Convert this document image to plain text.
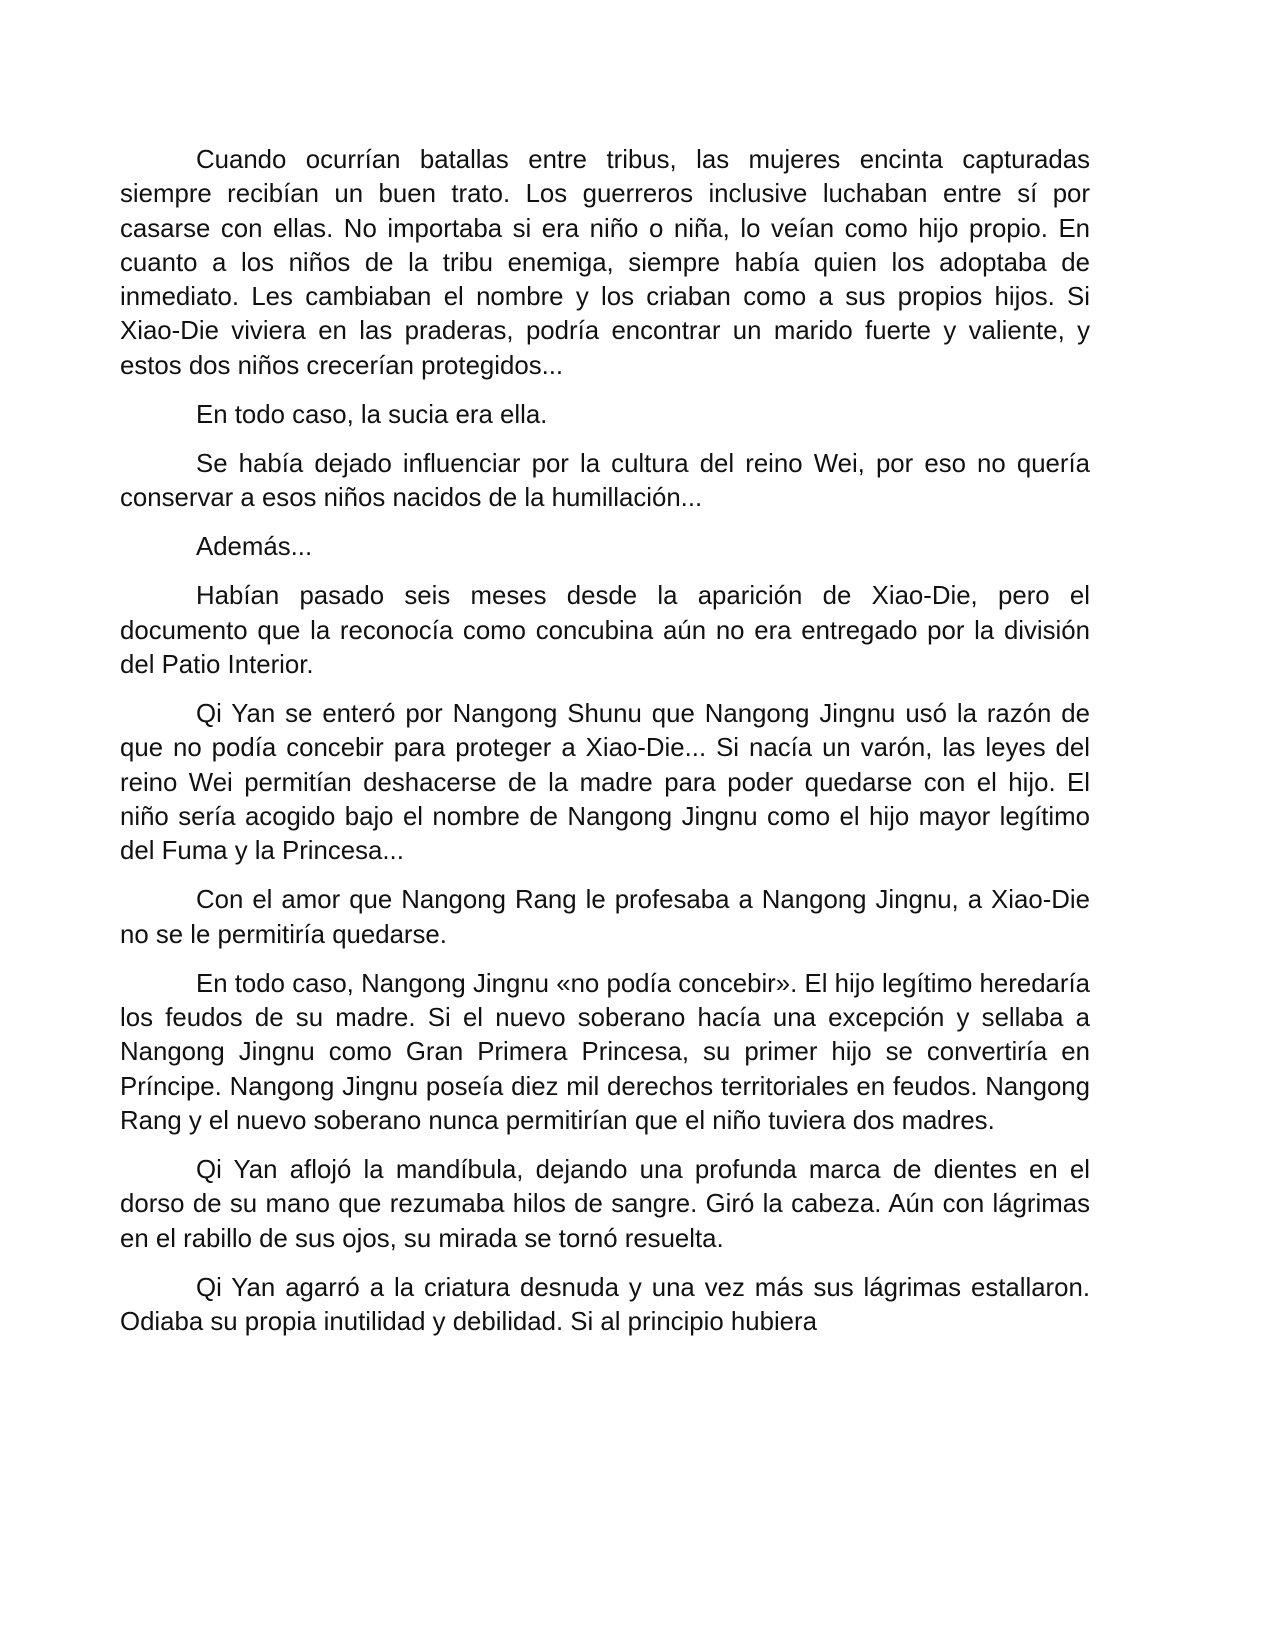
Cuando ocurrían batallas entre tribus, las mujeres encinta capturadas siempre recibían un buen trato. Los guerreros inclusive luchaban entre sí por casarse con ellas. No importaba si era niño o niña, lo veían como hijo propio. En cuanto a los niños de la tribu enemiga, siempre había quien los adoptaba de inmediato. Les cambiaban el nombre y los criaban como a sus propios hijos. Si Xiao-Die viviera en las praderas, podría encontrar un marido fuerte y valiente, y estos dos niños crecerían protegidos...

En todo caso, la sucia era ella.

Se había dejado influenciar por la cultura del reino Wei, por eso no quería conservar a esos niños nacidos de la humillación...

Además...

Habían pasado seis meses desde la aparición de Xiao-Die, pero el documento que la reconocía como concubina aún no era entregado por la división del Patio Interior.

Qi Yan se enteró por Nangong Shunu que Nangong Jingnu usó la razón de que no podía concebir para proteger a Xiao-Die... Si nacía un varón, las leyes del reino Wei permitían deshacerse de la madre para poder quedarse con el hijo. El niño sería acogido bajo el nombre de Nangong Jingnu como el hijo mayor legítimo del Fuma y la Princesa...

Con el amor que Nangong Rang le profesaba a Nangong Jingnu, a Xiao-Die no se le permitiría quedarse.

En todo caso, Nangong Jingnu «no podía concebir». El hijo legítimo heredaría los feudos de su madre. Si el nuevo soberano hacía una excepción y sellaba a Nangong Jingnu como Gran Primera Princesa, su primer hijo se convertiría en Príncipe. Nangong Jingnu poseía diez mil derechos territoriales en feudos. Nangong Rang y el nuevo soberano nunca permitirían que el niño tuviera dos madres.

Qi Yan aflojó la mandíbula, dejando una profunda marca de dientes en el dorso de su mano que rezumaba hilos de sangre. Giró la cabeza. Aún con lágrimas en el rabillo de sus ojos, su mirada se tornó resuelta.

Qi Yan agarró a la criatura desnuda y una vez más sus lágrimas estallaron. Odiaba su propia inutilidad y debilidad. Si al principio hubiera
